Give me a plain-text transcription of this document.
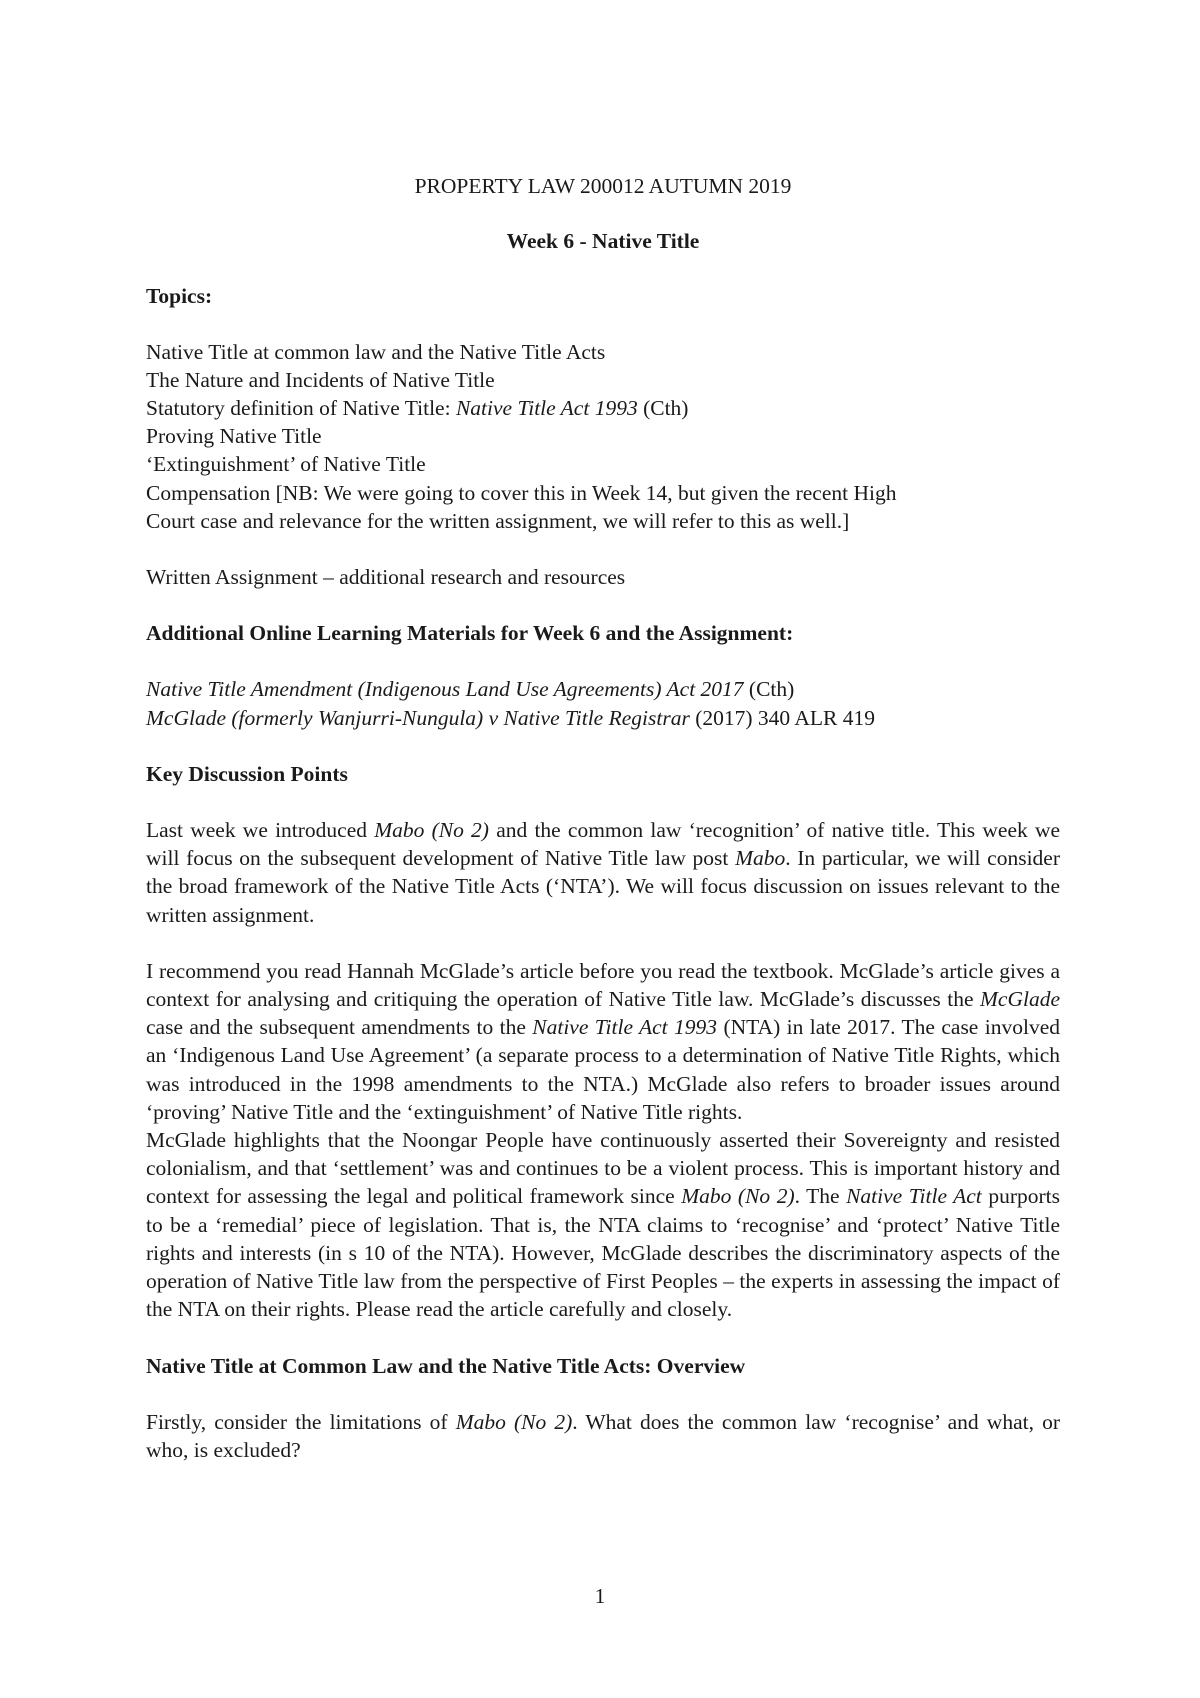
PROPERTY LAW 200012 AUTUMN 2019

Week 6 - Native Title

Topics:

Native Title at common law and the Native Title Acts
The Nature and Incidents of Native Title
Statutory definition of Native Title: Native Title Act 1993 (Cth)
Proving Native Title
‘Extinguishment’ of Native Title
Compensation [NB: We were going to cover this in Week 14, but given the recent High
Court case and relevance for the written assignment, we will refer to this as well.]

Written Assignment – additional research and resources

Additional Online Learning Materials for Week 6 and the Assignment:

Native Title Amendment (Indigenous Land Use Agreements) Act 2017 (Cth)
McGlade (formerly Wanjurri-Nungula) v Native Title Registrar (2017) 340 ALR 419

Key Discussion Points

Last week we introduced Mabo (No 2) and the common law ‘recognition’ of native title. This week we will focus on the subsequent development of Native Title law post Mabo. In particular, we will consider the broad framework of the Native Title Acts (‘NTA’). We will focus discussion on issues relevant to the written assignment.

I recommend you read Hannah McGlade’s article before you read the textbook. McGlade’s article gives a context for analysing and critiquing the operation of Native Title law. McGlade’s discusses the McGlade case and the subsequent amendments to the Native Title Act 1993 (NTA) in late 2017. The case involved an ‘Indigenous Land Use Agreement’ (a separate process to a determination of Native Title Rights, which was introduced in the 1998 amendments to the NTA.) McGlade also refers to broader issues around ‘proving’ Native Title and the ‘extinguishment’ of Native Title rights.

McGlade highlights that the Noongar People have continuously asserted their Sovereignty and resisted colonialism, and that ‘settlement’ was and continues to be a violent process. This is important history and context for assessing the legal and political framework since Mabo (No 2). The Native Title Act purports to be a ‘remedial’ piece of legislation. That is, the NTA claims to ‘recognise’ and ‘protect’ Native Title rights and interests (in s 10 of the NTA). However, McGlade describes the discriminatory aspects of the operation of Native Title law from the perspective of First Peoples – the experts in assessing the impact of the NTA on their rights. Please read the article carefully and closely.

Native Title at Common Law and the Native Title Acts: Overview

Firstly, consider the limitations of Mabo (No 2). What does the common law ‘recognise’ and what, or who, is excluded?

1
